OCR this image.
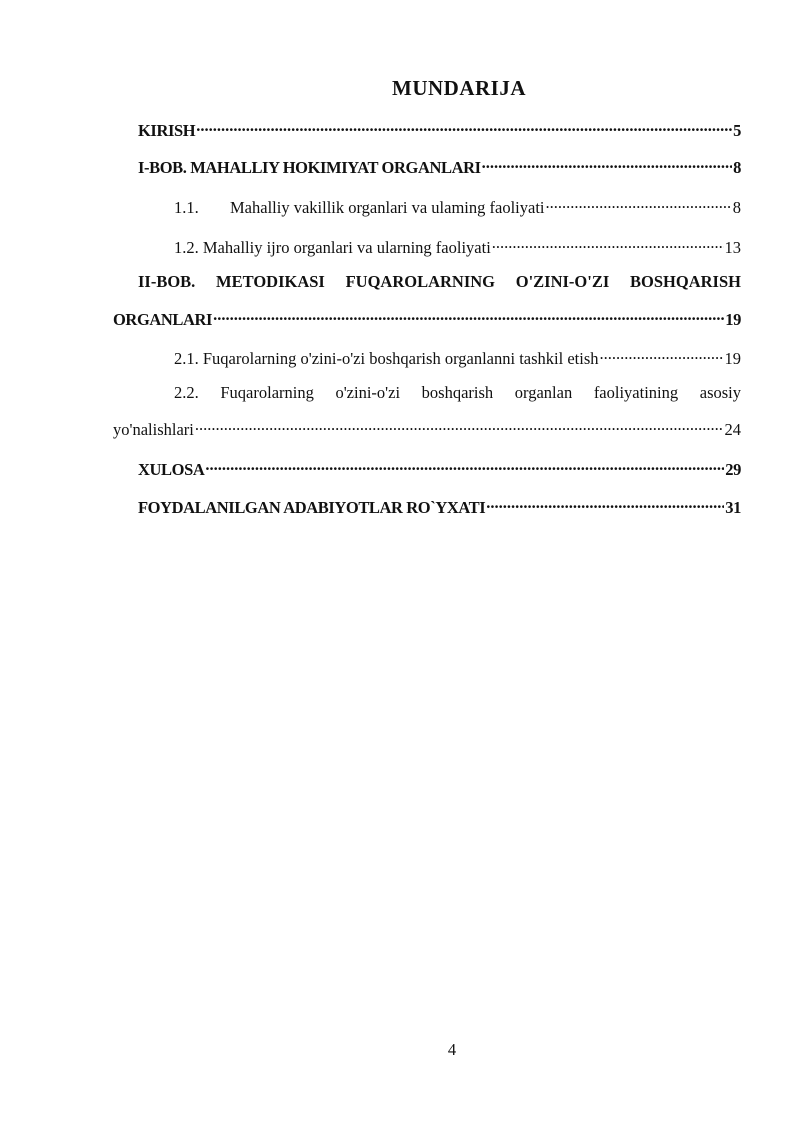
MUNDARIJA
KIRISH .....	5
I-BOB. MAHALLIY HOKIMIYAT ORGANLARI .....	8
1.1. Mahalliy vakillik organlari va ulaming faoliyati .....	8
1.2. Mahalliy ijro organlari va ularning faoliyati .....	13
II-BOB. METODIKASI FUQAROLARNING O'ZINI-O'ZI BOSHQARISH
ORGANLARI .....	19
2.1. Fuqarolarning o'zini-o'zi boshqarish organlanni tashkil etish .....	19
2.2. Fuqarolarning o'zini-o'zi boshqarish organlan faoliyatining asosiy
yo'nalishlari .....	24
XULOSA .....	29
FOYDALANILGAN ADABIYOTLAR RO`YXATI .....	31
4
